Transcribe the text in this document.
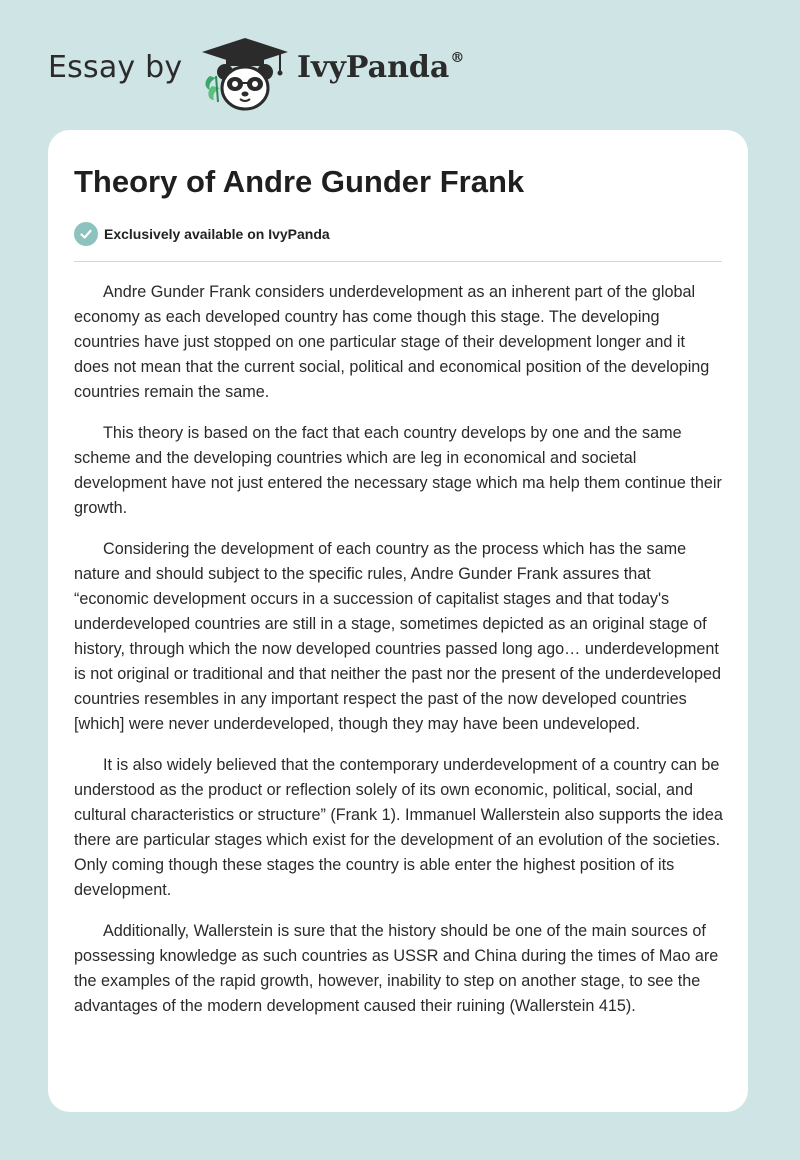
Essay by	IvyPanda®
Theory of Andre Gunder Frank
Exclusively available on IvyPanda

Andre Gunder Frank considers underdevelopment as an inherent part of the global economy as each developed country has come though this stage. The developing countries have just stopped on one particular stage of their development longer and it does not mean that the current social, political and economical position of the developing countries remain the same.

This theory is based on the fact that each country develops by one and the same scheme and the developing countries which are leg in economical and societal development have not just entered the necessary stage which ma help them continue their growth.

Considering the development of each country as the process which has the same nature and should subject to the specific rules, Andre Gunder Frank assures that “economic development occurs in a succession of capitalist stages and that today's underdeveloped countries are still in a stage, sometimes depicted as an original stage of history, through which the now developed countries passed long ago… underdevelopment is not original or traditional and that neither the past nor the present of the underdeveloped countries resembles in any important respect the past of the now developed countries [which] were never underdeveloped, though they may have been undeveloped.

It is also widely believed that the contemporary underdevelopment of a country can be understood as the product or reflection solely of its own economic, political, social, and cultural characteristics or structure” (Frank 1). Immanuel Wallerstein also supports the idea there are particular stages which exist for the development of an evolution of the societies. Only coming though these stages the country is able enter the highest position of its development.

Additionally, Wallerstein is sure that the history should be one of the main sources of possessing knowledge as such countries as USSR and China during the times of Mao are the examples of the rapid growth, however, inability to step on another stage, to see the advantages of the modern development caused their ruining (Wallerstein 415).
